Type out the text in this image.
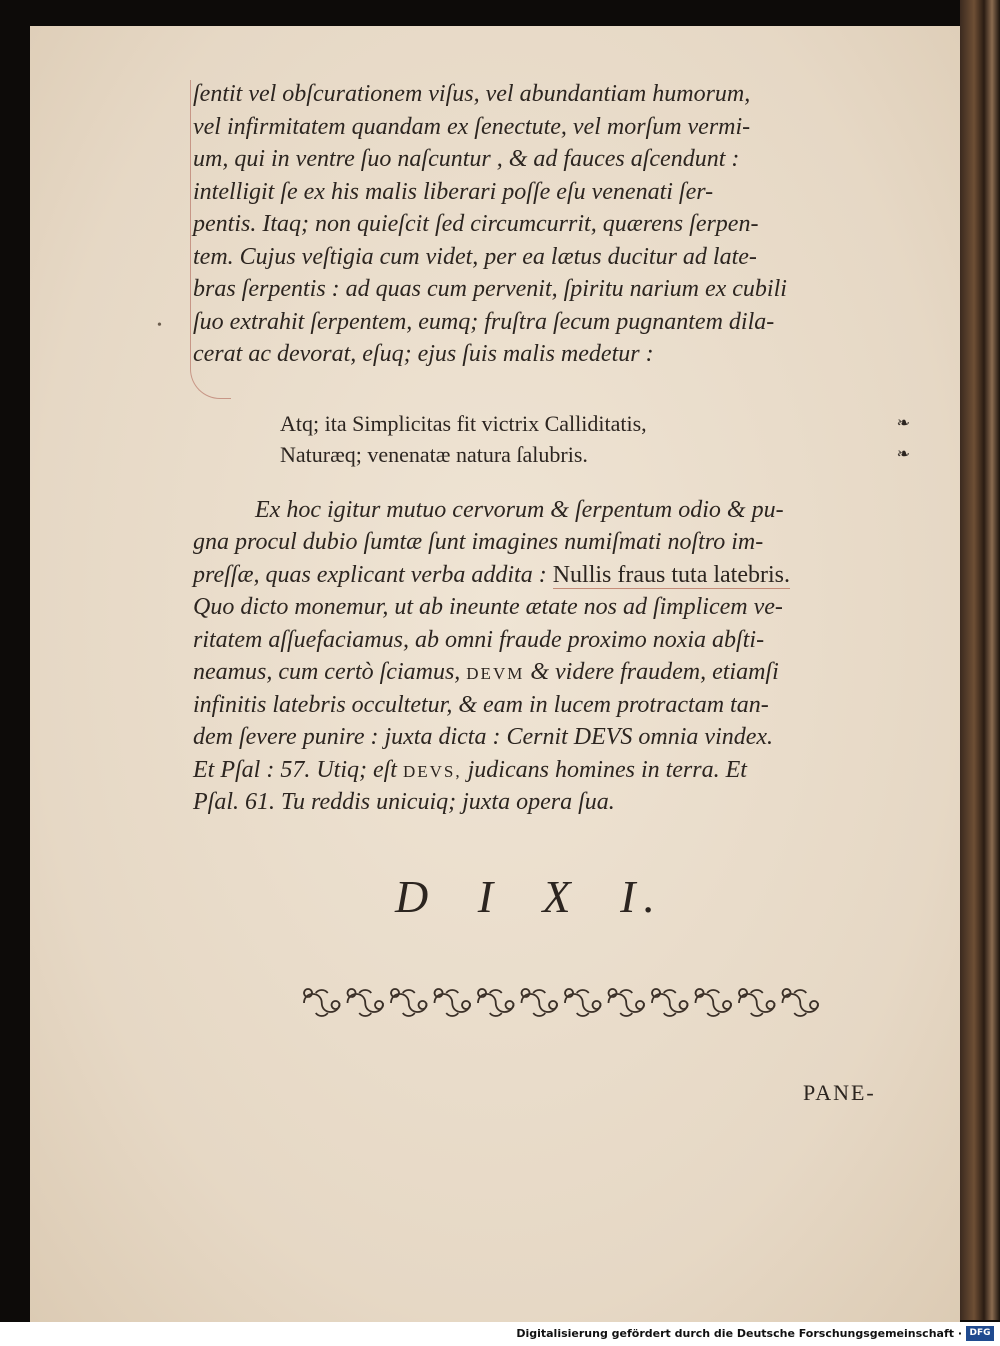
•
ſentit vel obſcurationem viſus, vel abundantiam humorum,
vel infirmitatem quandam ex ſenectute, vel morſum vermi-
um, qui in ventre ſuo naſcuntur , & ad fauces aſcendunt :
intelligit ſe ex his malis liberari poſſe eſu venenati ſer-
pentis. Itaq; non quieſcit ſed circumcurrit, quærens ſerpen-
tem. Cujus veſtigia cum videt, per ea lætus ducitur ad late-
bras ſerpentis : ad quas cum pervenit, ſpiritu narium ex cubili
ſuo extrahit ſerpentem, eumq; fruſtra ſecum pugnantem dila-
cerat ac devorat, eſuq; ejus ſuis malis medetur :
Atq; ita Simplicitas fit victrix Calliditatis,	❧
Naturæq; venenatæ natura ſalubris.	❧
Ex hoc igitur mutuo cervorum & ſerpentum odio & pu-
gna procul dubio ſumtæ ſunt imagines numiſmati noſtro im-
preſſæ, quas explicant verba addita : Nullis fraus tuta latebris.
Quo dicto monemur, ut ab ineunte ætate nos ad ſimplicem ve-
ritatem aſſuefaciamus, ab omni fraude proximo noxia abſti-
neamus, cum certò ſciamus, DEVM & videre fraudem, etiamſi
infinitis latebris occultetur, & eam in lucem protractam tan-
dem ſevere punire : juxta dicta : Cernit DEVS omnia vindex.
Et Pſal : 57. Utiq; eſt DEVS, judicans homines in terra. Et
Pſal. 61. Tu reddis unicuiq; juxta opera ſua.
D I X I.
PANE-
Digitalisierung gefördert durch die Deutsche Forschungsgemeinschaft · DFG
